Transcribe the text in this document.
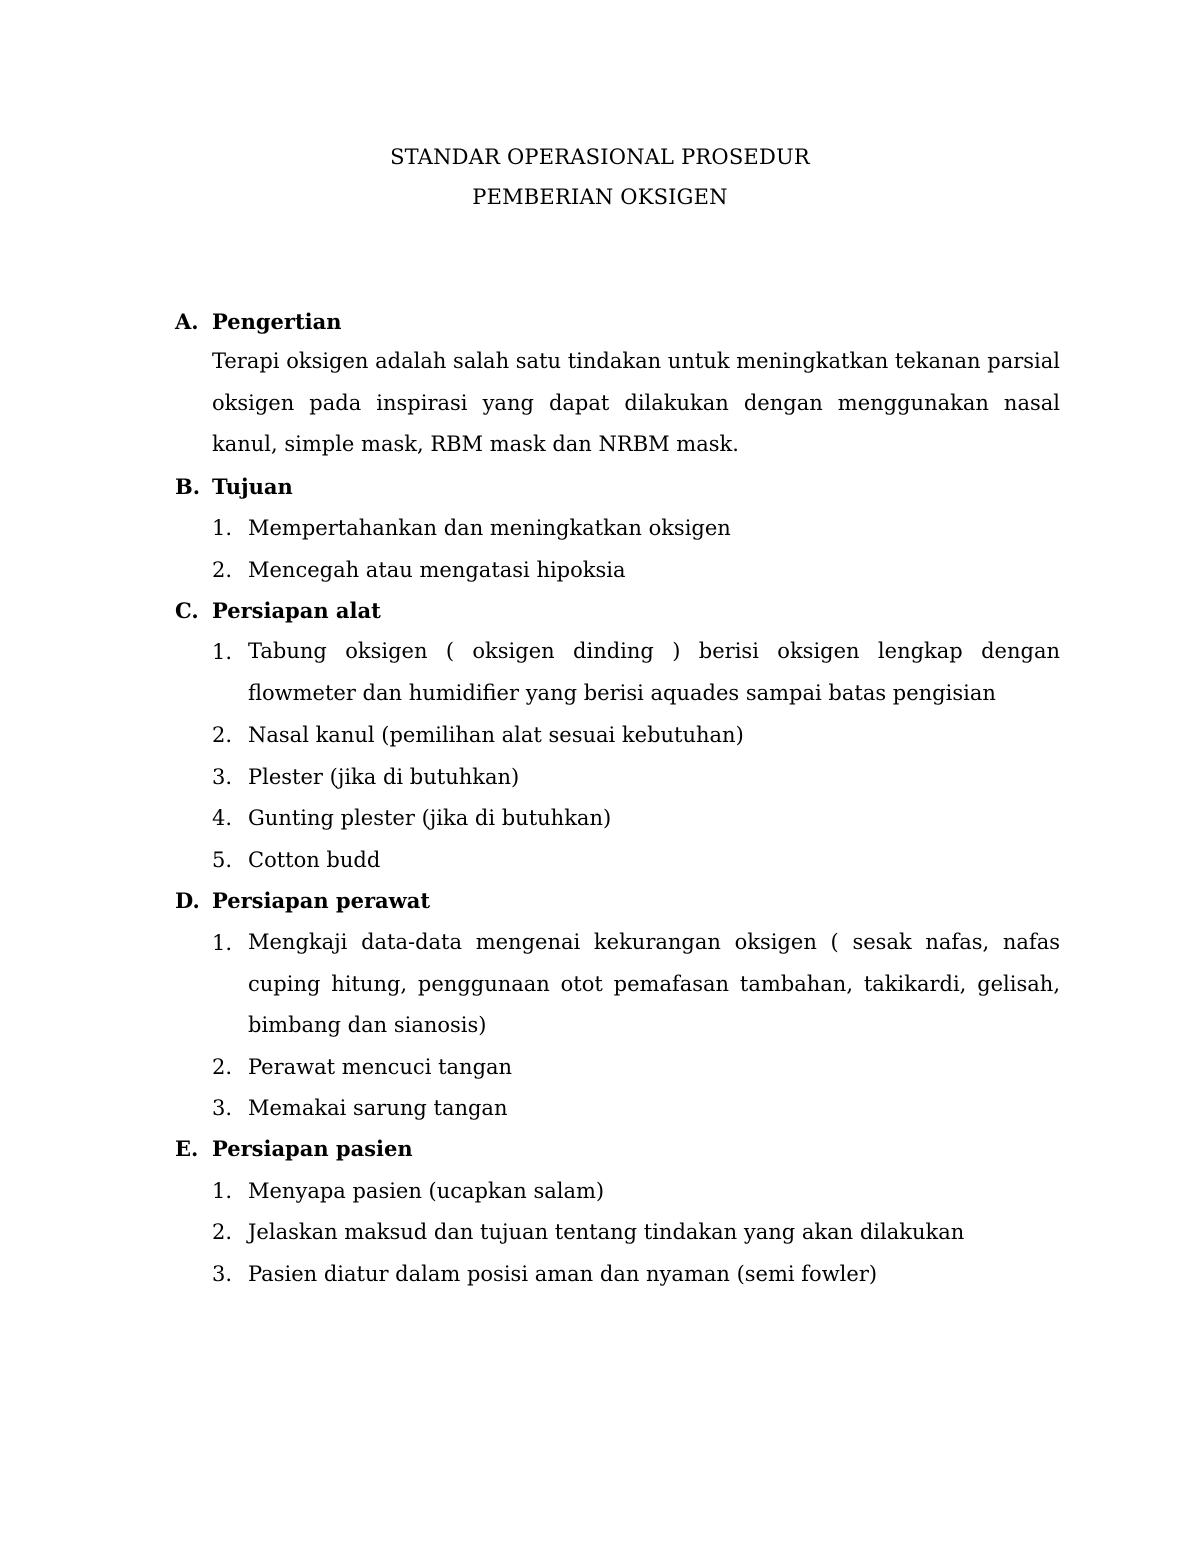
STANDAR OPERASIONAL PROSEDUR
PEMBERIAN OKSIGEN
A. Pengertian
Terapi oksigen adalah salah satu tindakan untuk meningkatkan tekanan parsial oksigen pada inspirasi yang dapat dilakukan dengan menggunakan nasal kanul, simple mask, RBM mask dan NRBM mask.
B. Tujuan
1. Mempertahankan dan meningkatkan oksigen
2. Mencegah atau mengatasi hipoksia
C. Persiapan alat
1. Tabung oksigen ( oksigen dinding ) berisi oksigen lengkap dengan flowmeter dan humidifier yang berisi aquades sampai batas pengisian
2. Nasal kanul (pemilihan alat sesuai kebutuhan)
3. Plester (jika di butuhkan)
4. Gunting plester (jika di butuhkan)
5. Cotton budd
D. Persiapan perawat
1. Mengkaji data-data mengenai kekurangan oksigen ( sesak nafas, nafas cuping hitung, penggunaan otot pemafasan tambahan, takikardi, gelisah, bimbang dan sianosis)
2. Perawat mencuci tangan
3. Memakai sarung tangan
E. Persiapan pasien
1. Menyapa pasien (ucapkan salam)
2. Jelaskan maksud dan tujuan tentang tindakan yang akan dilakukan
3. Pasien diatur dalam posisi aman dan nyaman (semi fowler)
